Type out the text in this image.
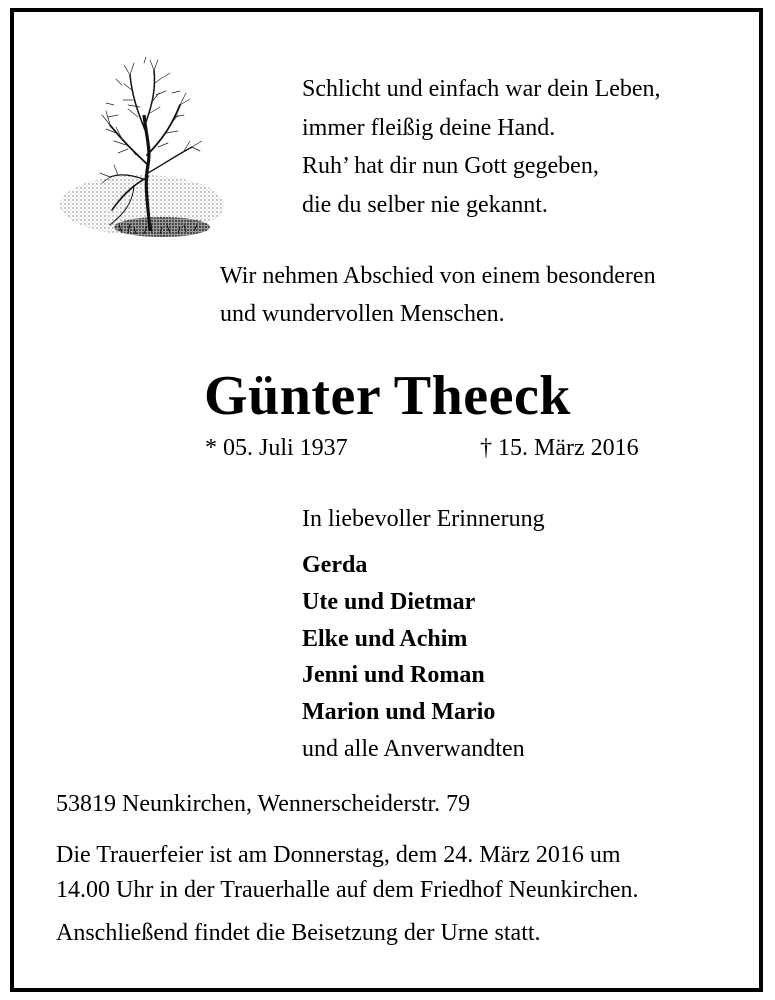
Schlicht und einfach war dein Leben,
immer fleißig deine Hand.
Ruh’ hat dir nun Gott gegeben,
die du selber nie gekannt.
Wir nehmen Abschied von einem besonderen
und wundervollen Menschen.
Günter Theeck
* 05. Juli 1937	† 15. März 2016
In liebevoller Erinnerung
Gerda
Ute und Dietmar
Elke und Achim
Jenni und Roman
Marion und Mario
und alle Anverwandten
53819 Neunkirchen, Wennerscheiderstr. 79
Die Trauerfeier ist am Donnerstag, dem 24. März 2016 um
14.00 Uhr in der Trauerhalle auf dem Friedhof Neunkirchen.
Anschließend findet die Beisetzung der Urne statt.
